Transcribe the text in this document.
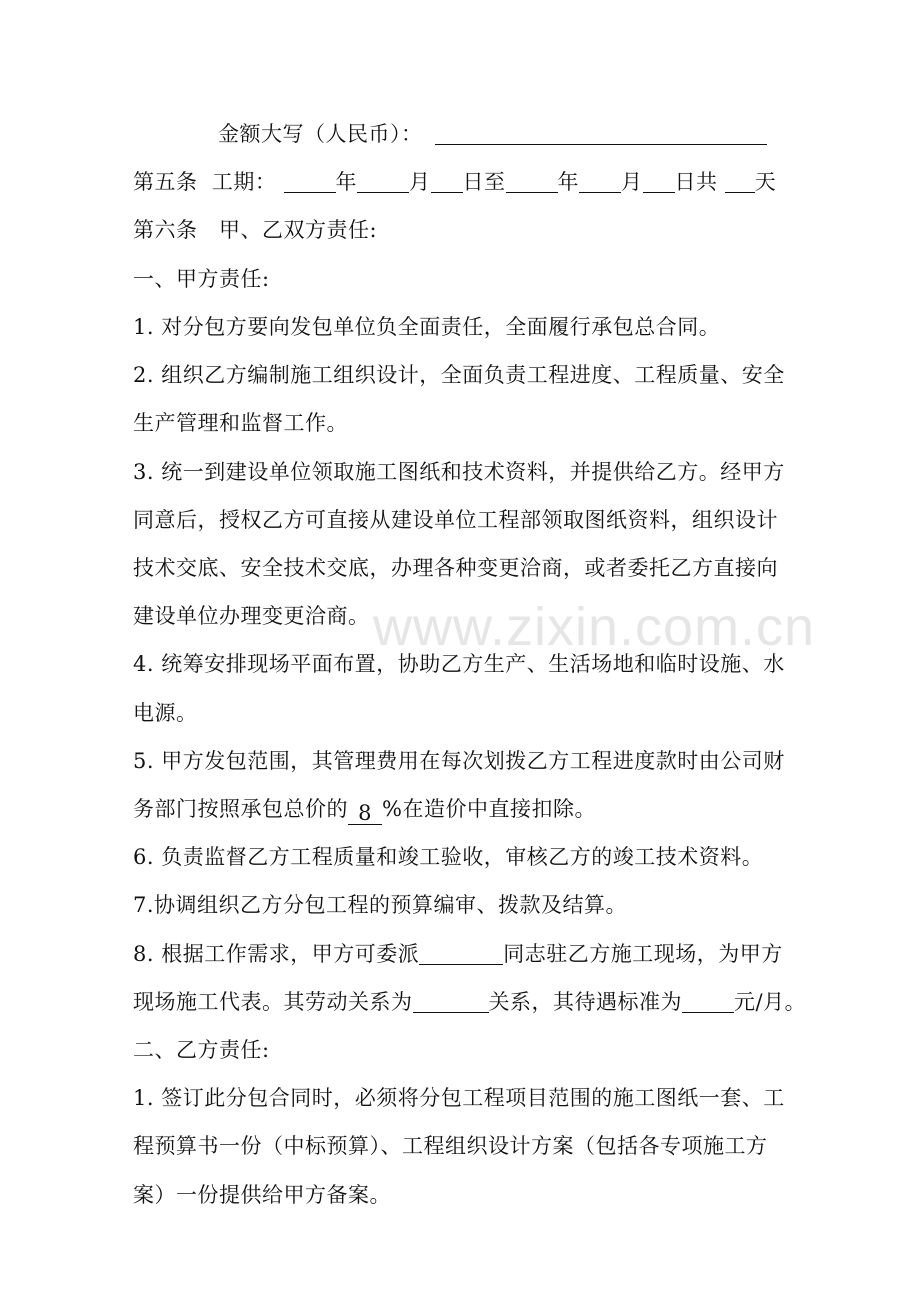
www.zixin.com.cn

金额大写（人民币）：

第五条 工期：	年 月 日至 年 月 日共 天

第六条 甲、乙双方责任:

一、甲方责任:

1. 对分包方要向发包单位负全面责任，全面履行承包总合同。

2. 组织乙方编制施工组织设计，全面负责工程进度、工程质量、安全

生产管理和监督工作。

3. 统一到建设单位领取施工图纸和技术资料，并提供给乙方。经甲方

同意后，授权乙方可直接从建设单位工程部领取图纸资料，组织设计

技术交底、安全技术交底，办理各种变更洽商，或者委托乙方直接向

建设单位办理变更洽商。

4. 统筹安排现场平面布置，协助乙方生产、生活场地和临时设施、水

电源。

5. 甲方发包范围，其管理费用在每次划拨乙方工程进度款时由公司财

务部门按照承包总价的 8 %在造价中直接扣除。

6. 负责监督乙方工程质量和竣工验收，审核乙方的竣工技术资料。

7.协调组织乙方分包工程的预算编审、拨款及结算。

8. 根据工作需求，甲方可委派	同志驻乙方施工现场，为甲方

现场施工代表。其劳动关系为	关系，其待遇标准为 元/月。

二、乙方责任:

1. 签订此分包合同时，必须将分包工程项目范围的施工图纸一套、工

程预算书一份（中标预算）、工程组织设计方案（包括各专项施工方

案）一份提供给甲方备案。
